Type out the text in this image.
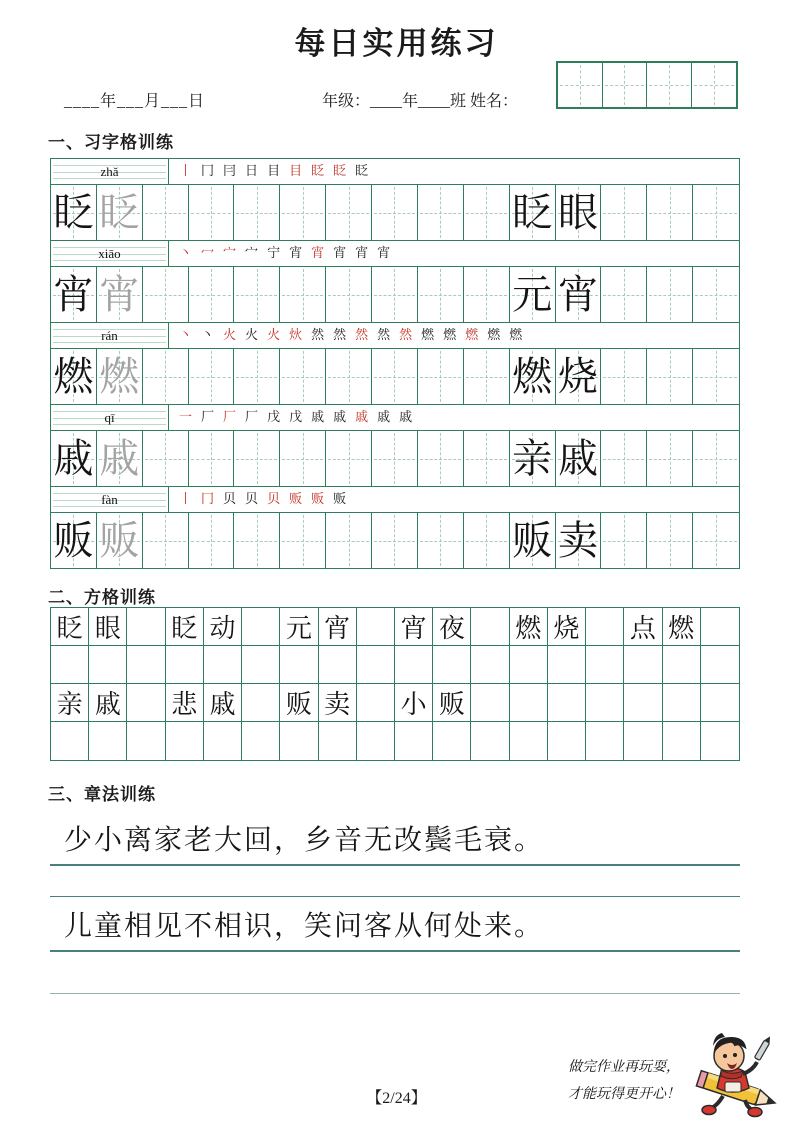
每日实用练习
____年___月___日	年级：____年____班 姓名：
一、习字格训练
zhǎ	丨 冂 冃 日 目 目 眨 眨 眨
眨 眨	眨 眼
xiāo	丶 冖 宀 宀 宁 宵 宵 宵 宵 宵
宵 宵	元 宵
rán	丶 丶 火 火 火 炏 然 然 然 然 然 燃 燃 燃 燃 燃
燃 燃	燃 烧
qī	一 厂 厂 厂 戊 戊 戚 戚 戚 戚 戚
戚 戚	亲 戚
fàn	丨 冂 贝 贝 贝 贩 贩 贩
贩 贩	贩 卖
二、方格训练
眨 眼 眨 动 元 宵 宵 夜 燃 烧 点 燃
亲 戚 悲 戚 贩 卖 小 贩
三、章法训练
少小离家老大回，乡音无改鬓毛衰。
儿童相见不相识，笑问客从何处来。
【2/24】
做完作业再玩耍，
才能玩得更开心！
